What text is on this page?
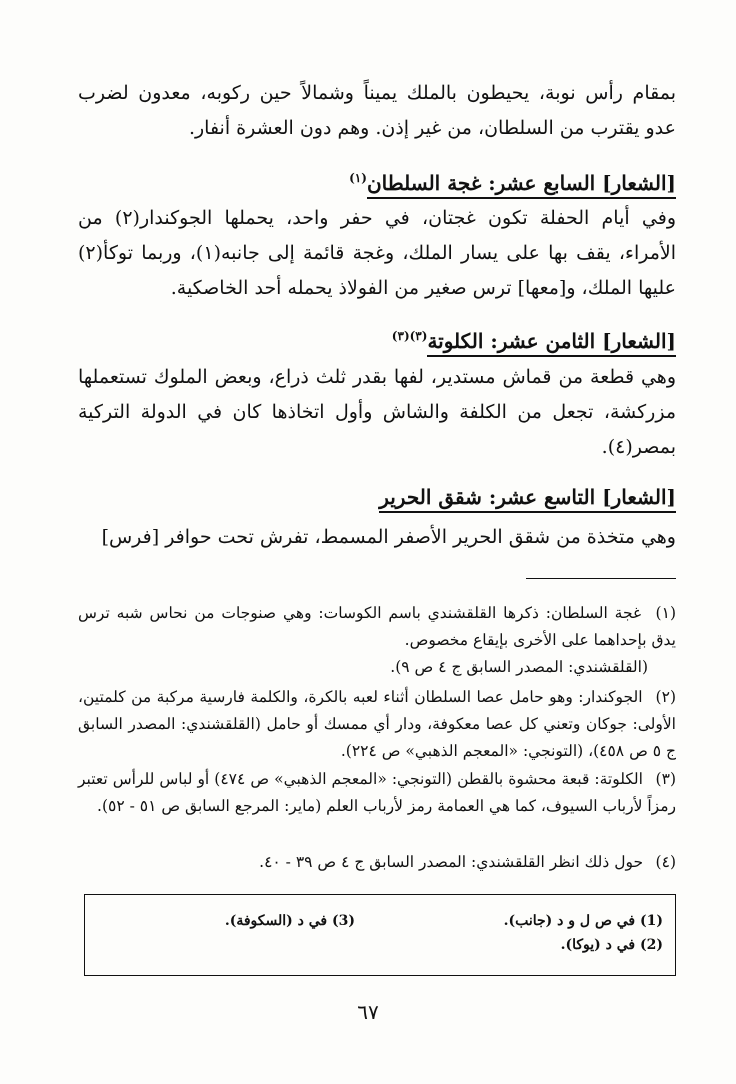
بمقام رأس نوبة، يحيطون بالملك يميناً وشمالاً حين ركوبه، معدون لضرب عدو يقترب من السلطان، من غير إذن. وهم دون العشرة أنفار.
[الشعار] السابع عشر: غجة السلطان$^{(١)}$
وفي أيام الحفلة تكون غجتان، في حفر واحد، يحملها الجوكندار(٢) من الأمراء، يقف بها على يسار الملك، وغجة قائمة إلى جانبه(١)، وربما توكأ(٢) عليها الملك، و[معها] ترس صغير من الفولاذ يحمله أحد الخاصكية.
[الشعار] الثامن عشر: الكلوتة$^{(٣)(٣)}$
وهي قطعة من قماش مستدير، لفها بقدر ثلث ذراع، وبعض الملوك تستعملها مزركشة، تجعل من الكلفة والشاش وأول اتخاذها كان في الدولة التركية بمصر(٤).
[الشعار] التاسع عشر: شقق الحرير
وهي متخذة من شقق الحرير الأصفر المسمط، تفرش تحت حوافر [فرس]
(١) غجة السلطان: ذكرها القلقشندي باسم الكوسات: وهي صنوجات من نحاس شبه ترس يدق بإحداهما على الأخرى بإيقاع مخصوص.
(القلقشندي: المصدر السابق ج ٤ ص ٩).
(٢) الجوكندار: وهو حامل عصا السلطان أثناء لعبه بالكرة، والكلمة فارسية مركبة من كلمتين، الأولى: جوكان وتعني كل عصا معكوفة، ودار أي ممسك أو حامل (القلقشندي: المصدر السابق ج ٥ ص ٤٥٨)، (التونجي: «المعجم الذهبي» ص ٢٢٤).
(٣) الكلوتة: قبعة محشوة بالقطن (التونجي: «المعجم الذهبي» ص ٤٧٤) أو لباس للرأس تعتبر رمزاً لأرباب السيوف، كما هي العمامة رمز لأرباب العلم (ماير: المرجع السابق ص ٥١ - ٥٢).
(٤) حول ذلك انظر القلقشندي: المصدر السابق ج ٤ ص ٣٩ - ٤٠.
(1) في ص ل و د (جانب).
(2) في د (يوكا).
(3) في د (السكوفة).
٦٧
